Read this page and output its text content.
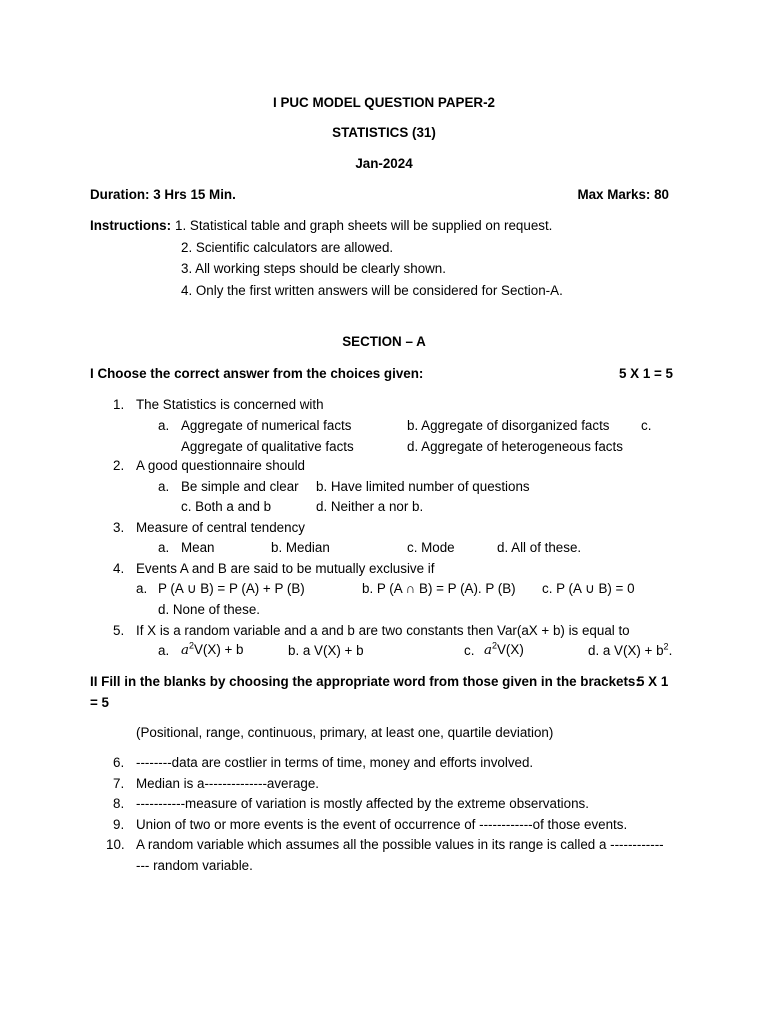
I PUC MODEL QUESTION PAPER-2
STATISTICS (31)
Jan-2024
Duration: 3 Hrs 15 Min.	Max Marks: 80
Instructions: 1. Statistical table and graph sheets will be supplied on request.
2. Scientific calculators are allowed.
3. All working steps should be clearly shown.
4. Only the first written answers will be considered for Section-A.
SECTION – A
I Choose the correct answer from the choices given:	5 X 1 = 5
1. The Statistics is concerned with
a. Aggregate of numerical facts	b. Aggregate of disorganized facts c.
Aggregate of qualitative facts	d. Aggregate of heterogeneous facts
2. A good questionnaire should
a. Be simple and clear b. Have limited number of questions
c. Both a and b	d. Neither a nor b.
3. Measure of central tendency
a. Mean	b. Median	c. Mode	d. All of these.
4. Events A and B are said to be mutually exclusive if
a. P (A ∪ B) = P (A) + P (B)	b. P (A ∩ B) = P (A). P (B) c. P (A ∪ B) = 0
d. None of these.
5. If X is a random variable and a and b are two constants then Var(aX + b) is equal to
a. $a^2V(X) + b$	b. a V(X) + b	c. $a^2V(X)$	d. a $V(X) + b^2$.
II Fill in the blanks by choosing the appropriate word from those given in the brackets:
5 X 1
= 5
(Positional, range, continuous, primary, at least one, quartile deviation)
6. --------data are costlier in terms of time, money and efforts involved.
7. Median is a--------------average.
8. -----------measure of variation is mostly affected by the extreme observations.
9. Union of two or more events is the event of occurrence of ------------of those events.
10. A random variable which assumes all the possible values in its range is called a ------------
--- random variable.
